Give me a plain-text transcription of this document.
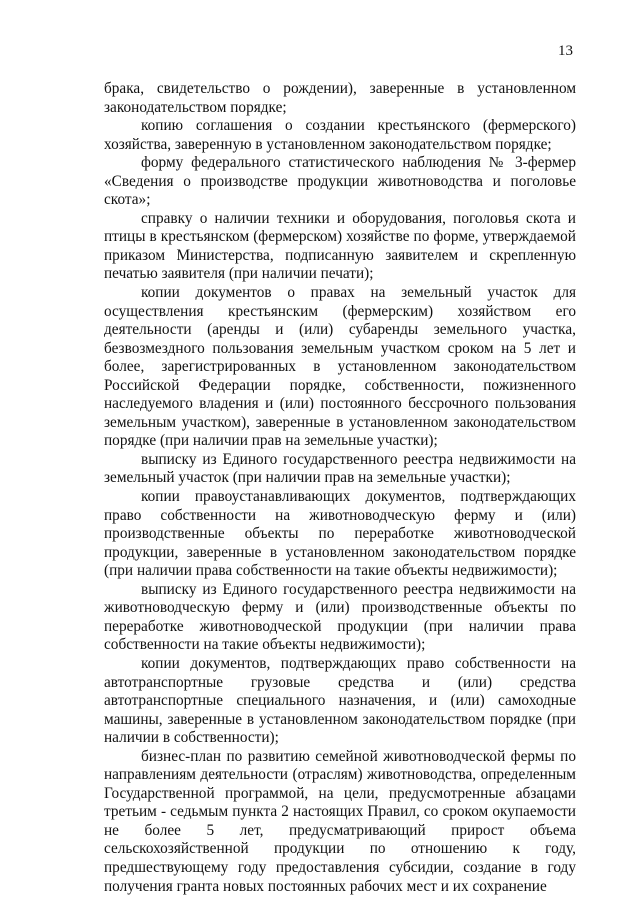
13

брака, свидетельство о рождении), заверенные в установленном законодательством порядке;

копию соглашения о создании крестьянского (фермерского) хозяйства, заверенную в установленном законодательством порядке;

форму федерального статистического наблюдения № 3-фермер «Сведения о производстве продукции животноводства и поголовье скота»;

справку о наличии техники и оборудования, поголовья скота и птицы в крестьянском (фермерском) хозяйстве по форме, утверждаемой приказом Министерства, подписанную заявителем и скрепленную печатью заявителя (при наличии печати);

копии документов о правах на земельный участок для осуществления крестьянским (фермерским) хозяйством его деятельности (аренды и (или) субаренды земельного участка, безвозмездного пользования земельным участком сроком на 5 лет и более, зарегистрированных в установленном законодательством Российской Федерации порядке, собственности, пожизненного наследуемого владения и (или) постоянного бессрочного пользования земельным участком), заверенные в установленном законодательством порядке (при наличии прав на земельные участки);

выписку из Единого государственного реестра недвижимости на земельный участок (при наличии прав на земельные участки);

копии правоустанавливающих документов, подтверждающих право собственности на животноводческую ферму и (или) производственные объекты по переработке животноводческой продукции, заверенные в установленном законодательством порядке (при наличии права собственности на такие объекты недвижимости);

выписку из Единого государственного реестра недвижимости на животноводческую ферму и (или) производственные объекты по переработке животноводческой продукции (при наличии права собственности на такие объекты недвижимости);

копии документов, подтверждающих право собственности на автотранспортные грузовые средства и (или) средства автотранспортные специального назначения, и (или) самоходные машины, заверенные в установленном законодательством порядке (при наличии в собственности);

бизнес-план по развитию семейной животноводческой фермы по направлениям деятельности (отраслям) животноводства, определенным Государственной программой, на цели, предусмотренные абзацами третьим - седьмым пункта 2 настоящих Правил, со сроком окупаемости не более 5 лет, предусматривающий прирост объема сельскохозяйственной продукции по отношению к году, предшествующему году предоставления субсидии, создание в году получения гранта новых постоянных рабочих мест и их сохранение
